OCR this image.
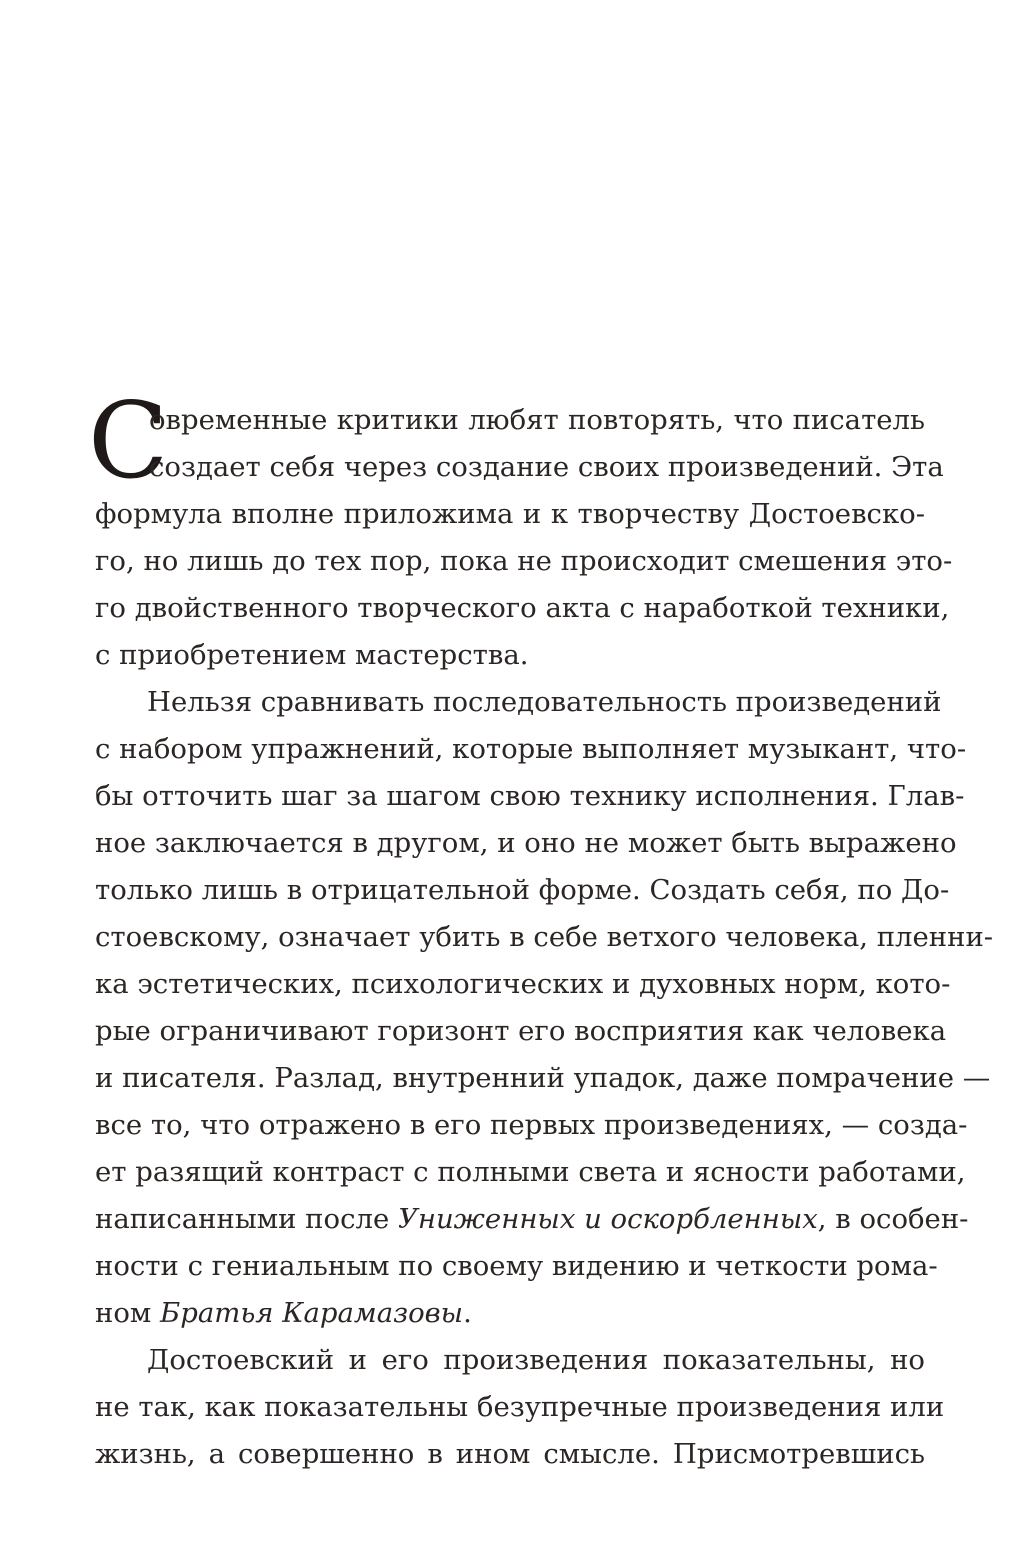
С
овременные критики любят повторять, что писатель
создает себя через создание своих произведений. Эта
формула вполне приложима и к творчеству Достоевско-
го, но лишь до тех пор, пока не происходит смешения это-
го двойственного творческого акта с наработкой техники,
с приобретением мастерства.
Нельзя сравнивать последовательность произведений
с набором упражнений, которые выполняет музыкант, что-
бы отточить шаг за шагом свою технику исполнения. Глав-
ное заключается в другом, и оно не может быть выражено
только лишь в отрицательной форме. Создать себя, по До-
стоевскому, означает убить в себе ветхого человека, пленни-
ка эстетических, психологических и духовных норм, кото-
рые ограничивают горизонт его восприятия как человека
и писателя. Разлад, внутренний упадок, даже помрачение —
все то, что отражено в его первых произведениях, — созда-
ет разящий контраст с полными света и ясности работами,
написанными после Униженных и оскорбленных, в особен-
ности с гениальным по своему видению и четкости рома-
ном Братья Карамазовы.
Достоевский и его произведения показательны, но
не так, как показательны безупречные произведения или
жизнь, а совершенно в ином смысле. Присмотревшись
